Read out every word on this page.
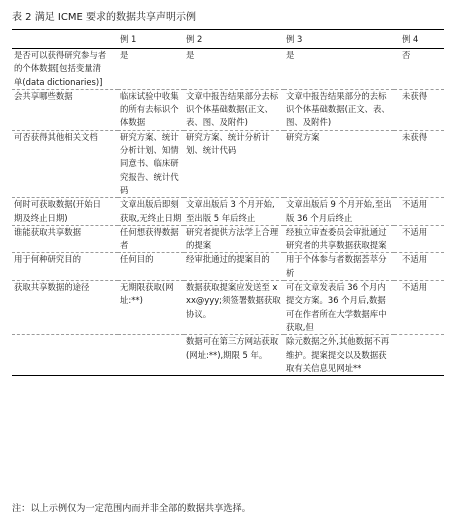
表 2 满足 ICME 要求的数据共享声明示例
	例 1	例 2	例 3	例 4
是否可以获得研究参与者的个体数据[包括变量清单(data dictionaries)]	是	是	是	否
会共享哪些数据	临床试验中收集的所有去标识个体数据	文章中报告结果部分去标识个体基础数据(正文、表、图、及附件)	文章中报告结果部分的去标识个体基础数据(正文、表、图、及附件)	未获得
可否获得其他相关文档	研究方案、统计分析计划、知情同意书、临床研究报告、统计代码	研究方案、统计分析计划、统计代码	研究方案	未获得
何时可获取数据(开始日期及终止日期)	文章出版后即刻获取,无终止日期	文章出版后 3 个月开始,至出版 5 年后终止	文章出版后 9 个月开始,至出版 36 个月后终止	不适用
谁能获取共享数据	任何想获得数据者	研究者提供方法学上合理的提案	经独立审查委员会审批通过研究者的共享数据获取提案	不适用
用于何种研究目的	任何目的	经审批通过的提案目的	用于个体参与者数据荟萃分析	不适用
获取共享数据的途径	无期限获取(网址:**)	数据获取提案应发送至 xxx@yyy;须签署数据获取协议。	可在文章发表后 36 个月内提交方案。36 个月后,数据可在作者所在大学数据库中获取,但	不适用
		数据可在第三方网站获取(网址:**),期限 5 年。	除元数据之外,其他数据不再维护。提案提交以及数据获取有关信息见网址**	
注：以上示例仅为一定范围内而并非全部的数据共享选择。
